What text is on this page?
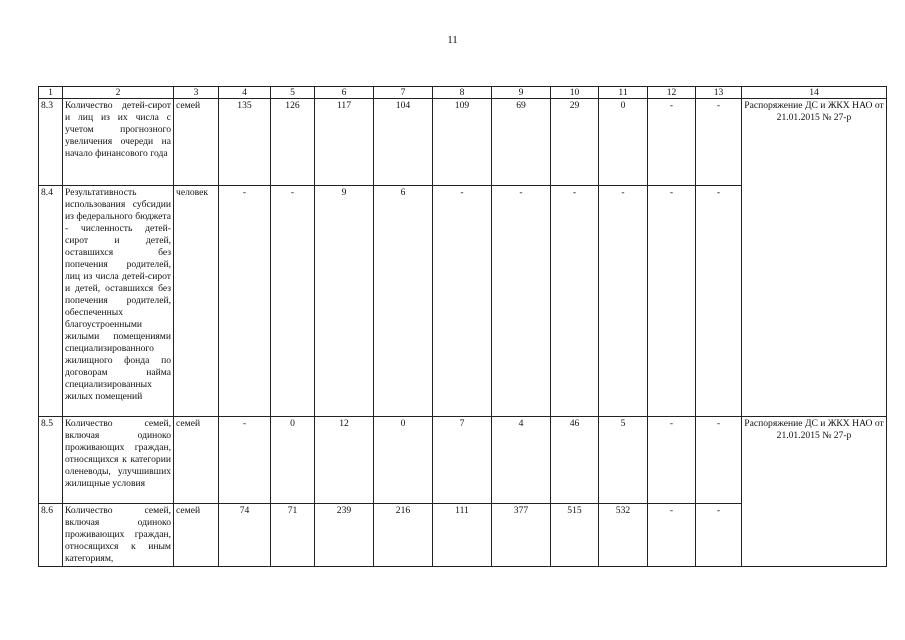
11
1	2	3	4	5	6	7	8	9	10	11	12	13	14
8.3	Количество детей-сирот и лиц из их числа с учетом прогнозного увеличения очереди на начало финансового года	семей	135	126	117	104	109	69	29	0	-	-	Распоряжение ДС и ЖКХ НАО от 21.01.2015 № 27-р
8.4	Результативность использования субсидии из федерального бюджета - численность детей-сирот и детей, оставшихся без попечения родителей, лиц из числа детей-сирот и детей, оставшихся без попечения родителей, обеспеченных благоустроенными жилыми помещениями специализированного жилищного фонда по договорам найма специализированных жилых помещений	человек	-	-	9	6	-	-	-	-	-	-	
8.5	Количество семей, включая одиноко проживающих граждан, относящихся к категории оленеводы, улучшивших жилищные условия	семей	-	0	12	0	7	4	46	5	-	-	Распоряжение ДС и ЖКХ НАО от 21.01.2015 № 27-р
8.6	Количество семей, включая одиноко проживающих граждан, относящихся к иным категориям,	семей	74	71	239	216	111	377	515	532	-	-	
